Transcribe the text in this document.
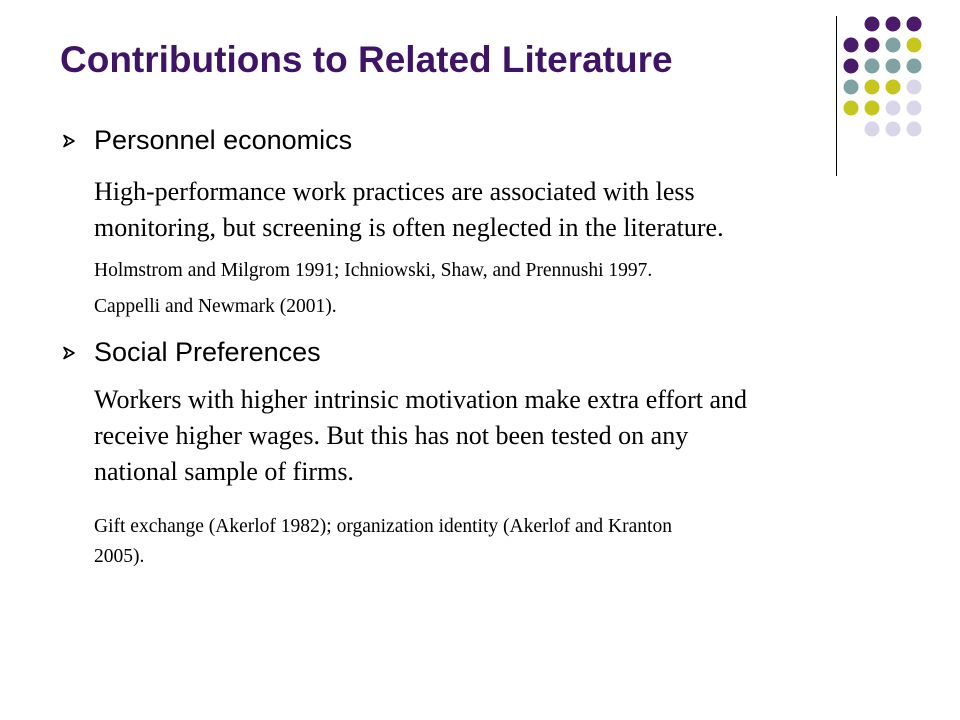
Contributions to Related Literature
Personnel economics
High-performance work practices are associated with less
monitoring, but screening is often neglected in the literature.
Holmstrom and Milgrom 1991; Ichniowski, Shaw, and Prennushi 1997.
Cappelli and Newmark (2001).
Social Preferences
Workers with higher intrinsic motivation make extra effort and
receive higher wages. But this has not been tested on any
national sample of firms.
Gift exchange (Akerlof 1982); organization identity (Akerlof and Kranton
2005).
